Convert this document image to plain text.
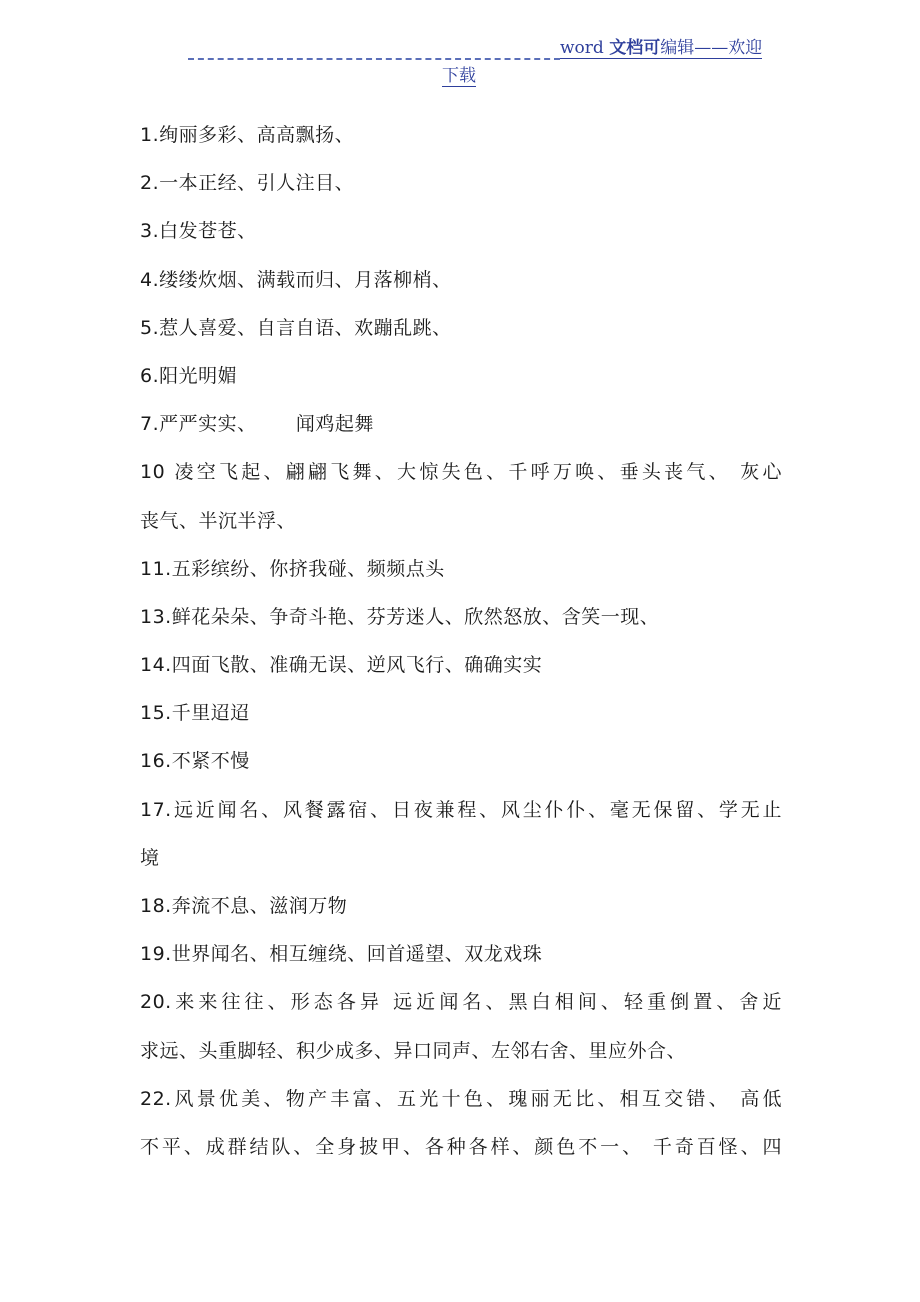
word 文档可编辑——欢迎
下载
1.绚丽多彩、高高飘扬、
2.一本正经、引人注目、
3.白发苍苍、
4.缕缕炊烟、满载而归、月落柳梢、
5.惹人喜爱、自言自语、欢蹦乱跳、
6.阳光明媚
7.严严实实、      闻鸡起舞
10 凌空飞起、翩翩飞舞、大惊失色、千呼万唤、垂头丧气、 灰心
丧气、半沉半浮、
11.五彩缤纷、你挤我碰、频频点头
13.鲜花朵朵、争奇斗艳、芬芳迷人、欣然怒放、含笑一现、
14.四面飞散、准确无误、逆风飞行、确确实实
15.千里迢迢
16.不紧不慢
17.远近闻名、风餐露宿、日夜兼程、风尘仆仆、毫无保留、学无止
境
18.奔流不息、滋润万物
19.世界闻名、相互缠绕、回首遥望、双龙戏珠
20.来来往往、形态各异 远近闻名、黑白相间、轻重倒置、舍近
求远、头重脚轻、积少成多、异口同声、左邻右舍、里应外合、
22.风景优美、物产丰富、五光十色、瑰丽无比、相互交错、 高低
不平、成群结队、全身披甲、各种各样、颜色不一、 千奇百怪、四
